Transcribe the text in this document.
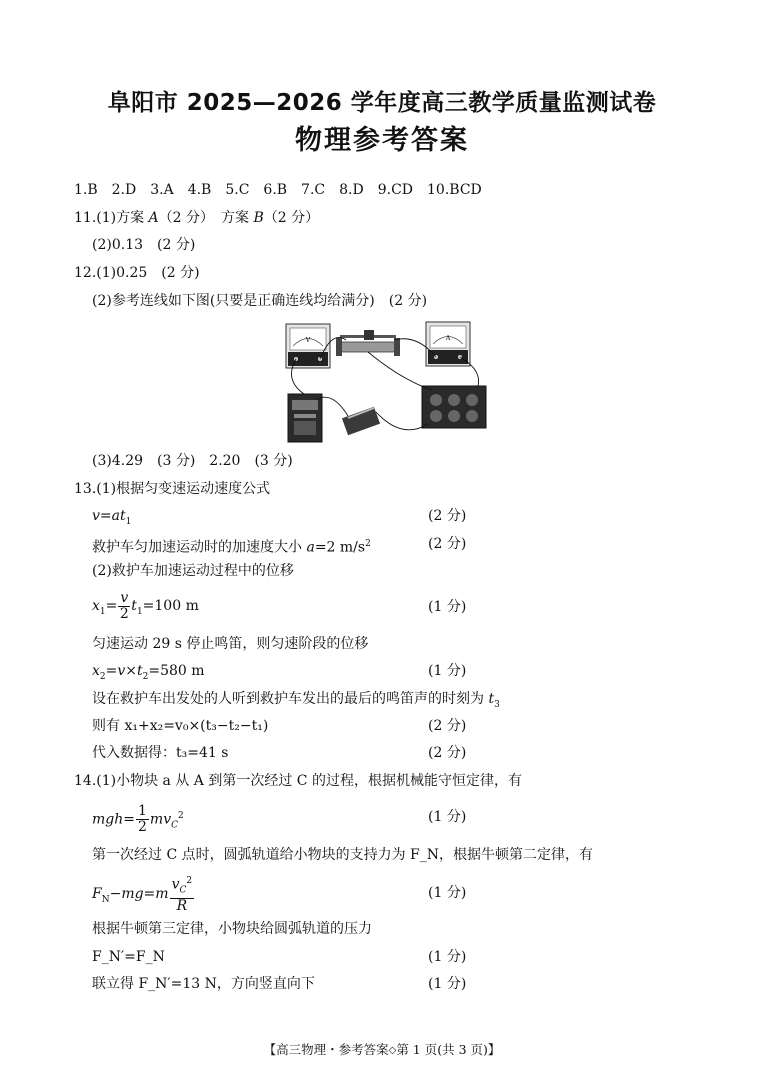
阜阳市 2025—2026 学年度高三教学质量监测试卷
物理参考答案
1.B　2.D　3.A　4.B　5.C　6.B　7.C　8.D　9.CD　10.BCD
11.(1)方案 A（2 分）　方案 B（2 分）
(2)0.13　(2 分)
12.(1)0.25　(2 分)
(2)参考连线如下图(只要是正确连线均给满分)　(2 分)
V	A
(3)4.29　(3 分)　2.20　(3 分)
13.(1)根据匀变速运动速度公式
$v=at_1$	(2 分)
救护车匀加速运动时的加速度大小 a=2 $m/s^2$	(2 分)
(2)救护车加速运动过程中的位移
$x_1= \frac{v}{2} t_1=100$ m	(1 分)
匀速运动 29 s 停止鸣笛，则匀速阶段的位移
$x_2=v\times t_2=580$ m	(1 分)
设在救护车出发处的人听到救护车发出的最后的鸣笛声的时刻为 $t_3$
则有 x₁+x₂=v₀×(t₃−t₂−t₁)	(2 分)
代入数据得：t₃=41 s	(2 分)
14.(1)小物块 a 从 A 到第一次经过 C 的过程，根据机械能守恒定律，有
$mgh= \frac{1}{2} mv_C^2$	(1 分)
第一次经过 C 点时，圆弧轨道给小物块的支持力为 F_N，根据牛顿第二定律，有
$F_N-mg=m \frac{v_C^2}{R}$	(1 分)
根据牛顿第三定律，小物块给圆弧轨道的压力
F_N′=F_N	(1 分)
联立得 F_N′=13 N，方向竖直向下	(1 分)
【高三物理・参考答案◇第 1 页(共 3 页)】
